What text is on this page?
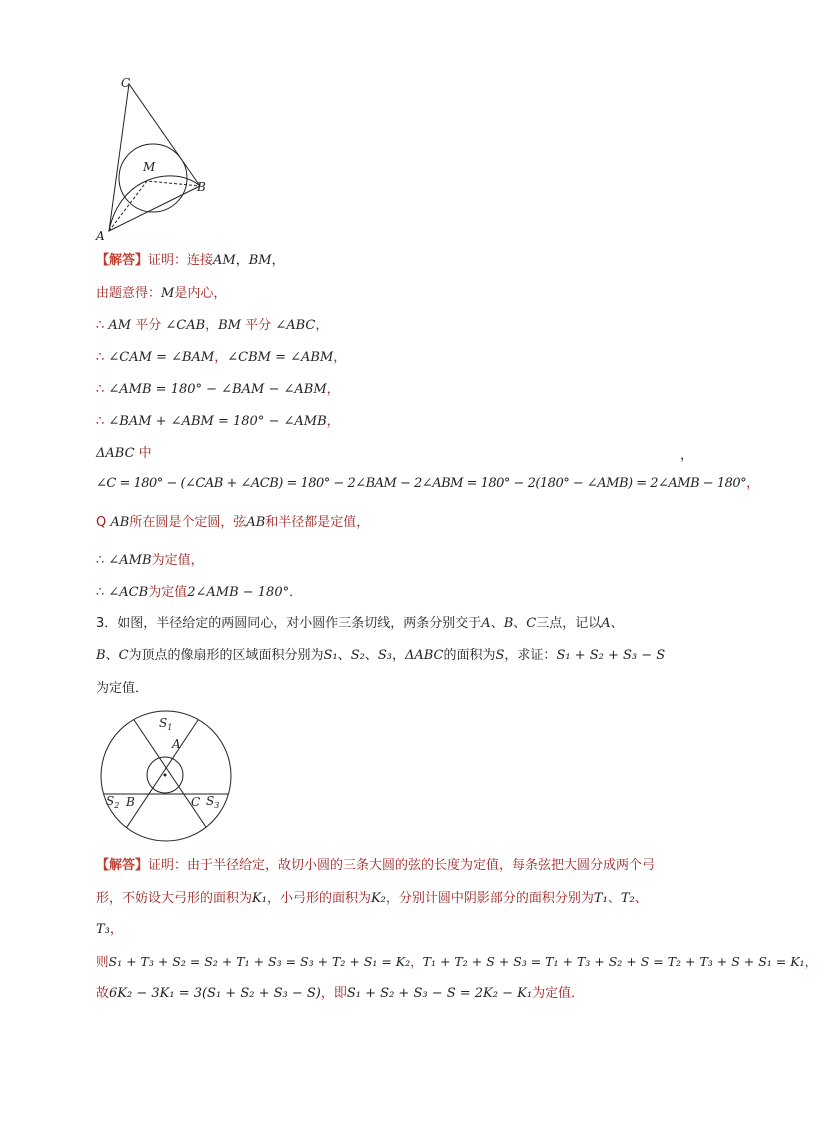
C
M
B
A
【解答】证明：连接AM，BM，
由题意得：M是内心，
∴ AM 平分 ∠CAB，BM 平分 ∠ABC，
∴ ∠CAM = ∠BAM，∠CBM = ∠ABM，
∴ ∠AMB = 180° − ∠BAM − ∠ABM，
∴ ∠BAM + ∠ABM = 180° − ∠AMB，
ΔABC 中	，
∠C = 180° − (∠CAB + ∠ACB) = 180° − 2∠BAM − 2∠ABM = 180° − 2(180° − ∠AMB) = 2∠AMB − 180°，
Q AB所在圆是个定圆，弦AB和半径都是定值，
∴ ∠AMB为定值，
∴ ∠ACB为定值2∠AMB − 180°．
3．如图，半径给定的两圆同心，对小圆作三条切线，两条分别交于A、B、C三点，记以A、
B、C为顶点的像扇形的区域面积分别为S₁、S₂、S₃，ΔABC的面积为S，求证：S₁ + S₂ + S₃ − S
为定值．
$S_1$
A
$S_2$ B	C $S_3$
【解答】证明：由于半径给定，故切小圆的三条大圆的弦的长度为定值，每条弦把大圆分成两个弓
形，不妨设大弓形的面积为K₁，小弓形的面积为K₂，分别计圆中阴影部分的面积分别为T₁、T₂、
T₃，
则S₁ + T₃ + S₂ = S₂ + T₁ + S₃ = S₃ + T₂ + S₁ = K₂，T₁ + T₂ + S + S₃ = T₁ + T₃ + S₂ + S = T₂ + T₃ + S + S₁ = K₁，
故6K₂ − 3K₁ = 3(S₁ + S₂ + S₃ − S)，即S₁ + S₂ + S₃ − S = 2K₂ − K₁为定值．
